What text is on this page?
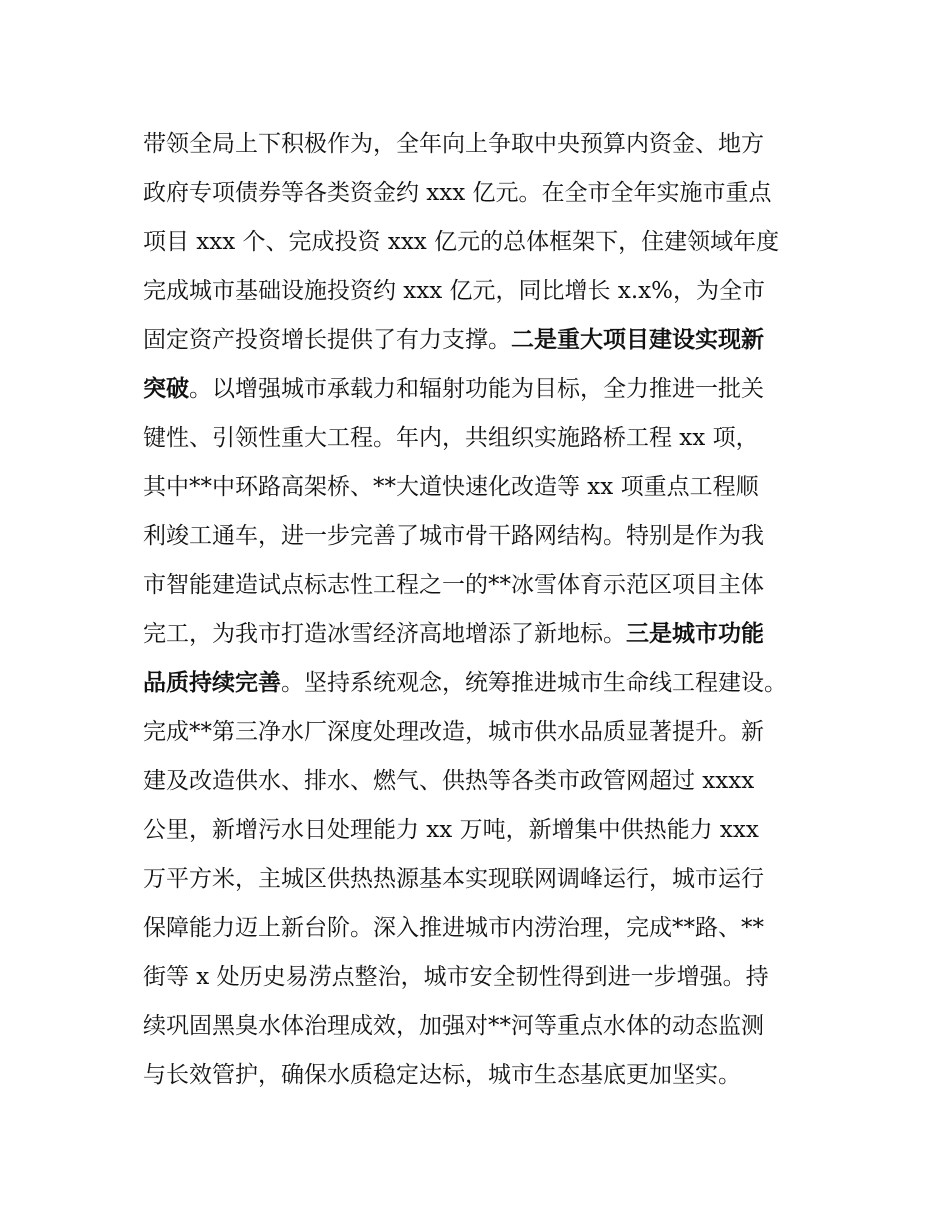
带领全局上下积极作为，全年向上争取中央预算内资金、地方
政府专项债券等各类资金约 xxx 亿元。在全市全年实施市重点
项目 xxx 个、完成投资 xxx 亿元的总体框架下，住建领域年度
完成城市基础设施投资约 xxx 亿元，同比增长 x.x%，为全市
固定资产投资增长提供了有力支撑。二是重大项目建设实现新
突破。以增强城市承载力和辐射功能为目标，全力推进一批关
键性、引领性重大工程。年内，共组织实施路桥工程 xx 项，
其中**中环路高架桥、**大道快速化改造等 xx 项重点工程顺
利竣工通车，进一步完善了城市骨干路网结构。特别是作为我
市智能建造试点标志性工程之一的**冰雪体育示范区项目主体
完工，为我市打造冰雪经济高地增添了新地标。三是城市功能
品质持续完善。坚持系统观念，统筹推进城市生命线工程建设。
完成**第三净水厂深度处理改造，城市供水品质显著提升。新
建及改造供水、排水、燃气、供热等各类市政管网超过 xxxx
公里，新增污水日处理能力 xx 万吨，新增集中供热能力 xxx
万平方米，主城区供热热源基本实现联网调峰运行，城市运行
保障能力迈上新台阶。深入推进城市内涝治理，完成**路、**
街等 x 处历史易涝点整治，城市安全韧性得到进一步增强。持
续巩固黑臭水体治理成效，加强对**河等重点水体的动态监测
与长效管护，确保水质稳定达标，城市生态基底更加坚实。
